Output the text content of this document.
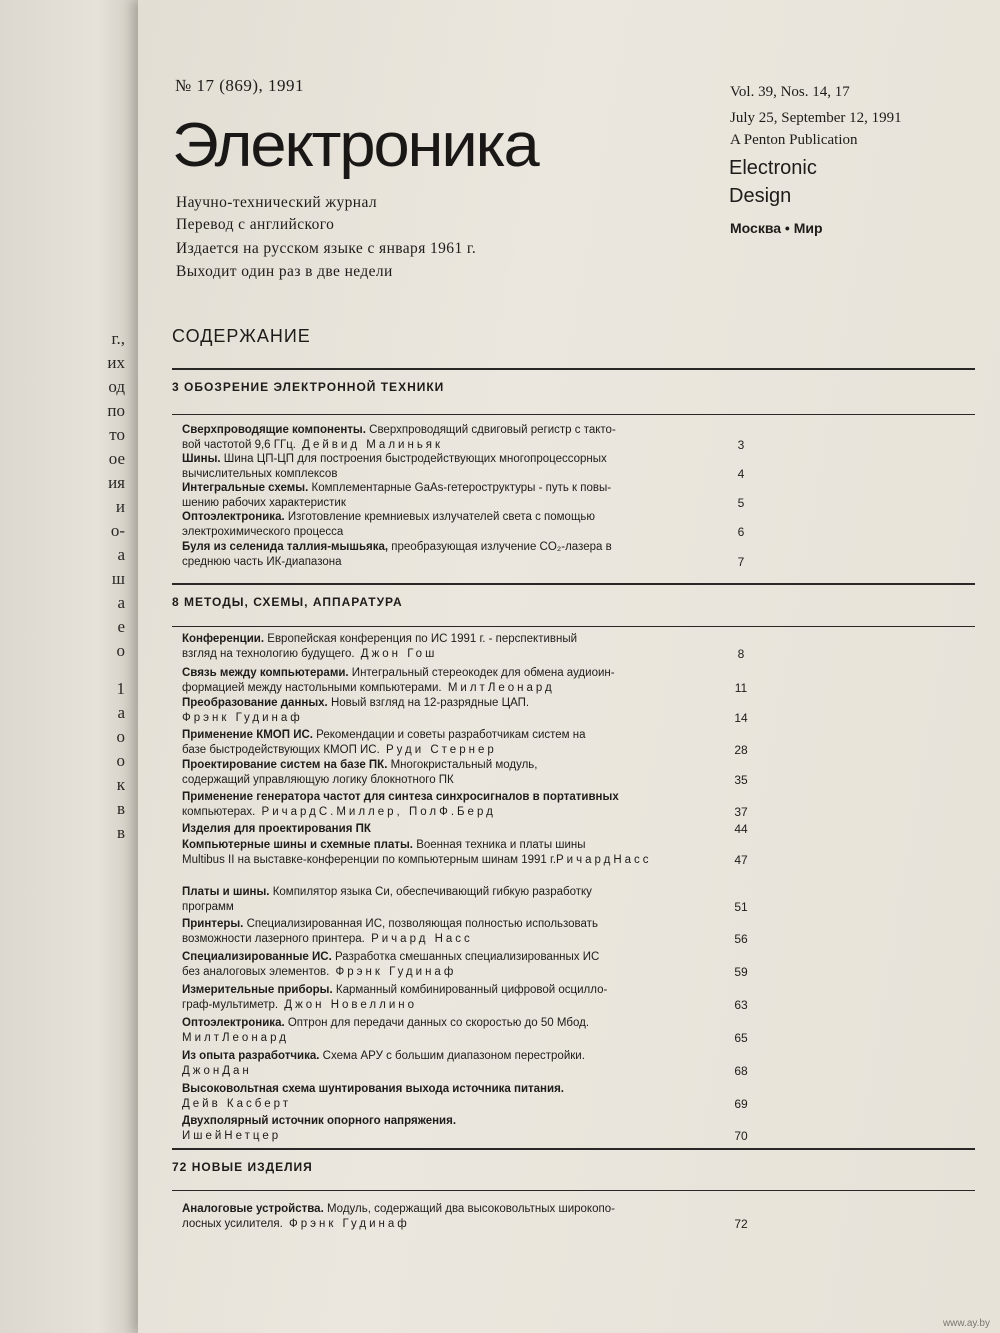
г.,
их
од
по
то
ое
ия
и
о-
а
ш
а
е
о
1
а
о
о
к
в
в
№ 17 (869), 1991
Электроника
Научно-технический журнал
Перевод с английского
Издается на русском языке с января 1961 г.
Выходит один раз в две недели
Vol. 39, Nos. 14, 17
July 25, September 12, 1991
A Penton Publication
Electronic
Design
Москва • Мир
СОДЕРЖАНИЕ
3 ОБОЗРЕНИЕ ЭЛЕКТРОННОЙ ТЕХНИКИ
Сверхпроводящие компоненты. Сверхпроводящий сдвиговый регистр с такто-
вой частотой 9,6 ГГц. Дейвид Малиньяк	3
Шины. Шина ЦП-ЦП для построения быстродействующих многопроцессорных
вычислительных комплексов	4
Интегральные схемы. Комплементарные GaAs-гетероструктуры - путь к повы-
шению рабочих характеристик	5
Оптоэлектроника. Изготовление кремниевых излучателей света с помощью
электрохимического процесса	6
Буля из селенида таллия-мышьяка, преобразующая излучение CO₂-лазера в
среднюю часть ИК-диапазона	7
8 МЕТОДЫ, СХЕМЫ, АППАРАТУРА
Конференции. Европейская конференция по ИС 1991 г. - перспективный
взгляд на технологию будущего. Джон Гош	8
Связь между компьютерами. Интегральный стереокодек для обмена аудиоин-
формацией между настольными компьютерами. МилтЛеонард	11
Преобразование данных. Новый взгляд на 12-разрядные ЦАП.
Фрэнк Гудинаф	14
Применение КМОП ИС. Рекомендации и советы разработчикам систем на
базе быстродействующих КМОП ИС. Руди Стернер	28
Проектирование систем на базе ПК. Многокристальный модуль,
содержащий управляющую логику блокнотного ПК	35
Применение генератора частот для синтеза синхросигналов в портативных
компьютерах. РичардС.Миллер, ПолФ.Берд	37
Изделия для проектирования ПК	44
Компьютерные шины и схемные платы. Военная техника и платы шины
Multibus II на выставке-конференции по компьютерным шинам 1991 г.РичардНасс	47
Платы и шины. Компилятор языка Си, обеспечивающий гибкую разработку
программ	51
Принтеры. Специализированная ИС, позволяющая полностью использовать
возможности лазерного принтера. Ричард Насс	56
Специализированные ИС. Разработка смешанных специализированных ИС
без аналоговых элементов. Фрэнк Гудинаф	59
Измерительные приборы. Карманный комбинированный цифровой осцилло-
граф-мультиметр. Джон Новеллино	63
Оптоэлектроника. Оптрон для передачи данных со скоростью до 50 Мбод.
МилтЛеонард	65
Из опыта разработчика. Схема АРУ с большим диапазоном перестройки.
ДжонДан	68
Высоковольтная схема шунтирования выхода источника питания.
Дейв Касберт	69
Двухполярный источник опорного напряжения.
ИшейНетцер	70
72 НОВЫЕ ИЗДЕЛИЯ
Аналоговые устройства. Модуль, содержащий два высоковольтных широкопо-
лосных усилителя. Фрэнк Гудинаф	72
www.ay.by
